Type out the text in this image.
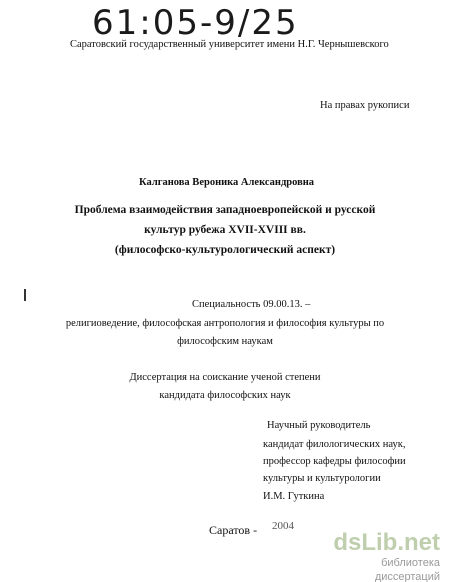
61:05-9/25
Саратовский государственный университет имени Н.Г. Чернышевского
На правах рукописи
Калганова Вероника Александровна
Проблема взаимодействия западноевропейской и русской
культур рубежа XVII-XVIII вв.
(философско-культурологический аспект)
Специальность 09.00.13. –
религиоведение, философская антропология и философия культуры по
философским наукам
Диссертация на соискание ученой степени
кандидата философских наук
Научный руководитель
кандидат филологических наук,
профессор кафедры философии
культуры и культурологии
И.М. Гуткина
Саратов - 2004
dsLib.net
библиотека диссертаций
